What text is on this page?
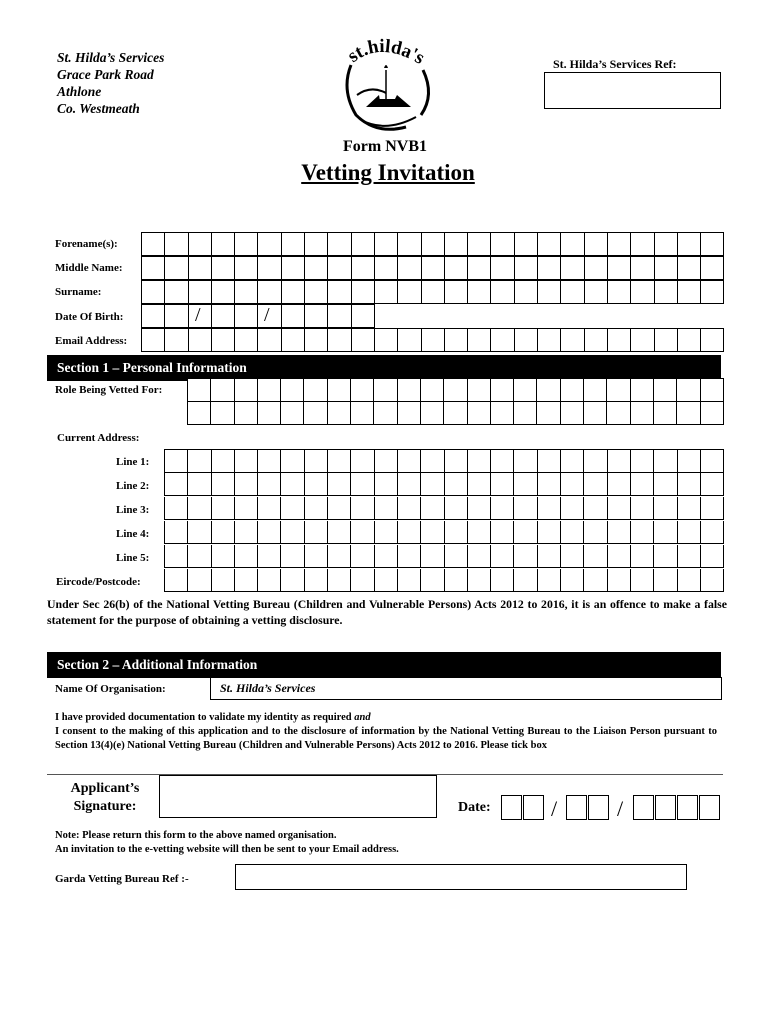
St. Hilda’s Services
Grace Park Road
Athlone
Co. Westmeath
st.hilda's	St. Hilda’s Services Ref:
Form NVB1
Vetting Invitation
Forename(s):
Middle Name:
Surname:
Date Of Birth:	/	/
Email Address:
Section 1 – Personal Information
Role Being Vetted For:
Current Address:
Line 1:
Line 2:
Line 3:
Line 4:
Line 5:
Eircode/Postcode:
Under Sec 26(b) of the National Vetting Bureau (Children and Vulnerable Persons) Acts 2012 to 2016, it is an offence to make a false statement for the purpose of obtaining a vetting disclosure.
Section 2 – Additional Information
Name Of Organisation:	St. Hilda’s Services
I have provided documentation to validate my identity as required and
I consent to the making of this application and to the disclosure of information by the National Vetting Bureau to the Liaison Person pursuant to Section 13(4)(e) National Vetting Bureau (Children and Vulnerable Persons) Acts 2012 to 2016. Please tick box
Applicant’s
Signature:	Date:	/	/
Note: Please return this form to the above named organisation.
An invitation to the e-vetting website will then be sent to your Email address.
Garda Vetting Bureau Ref :-
